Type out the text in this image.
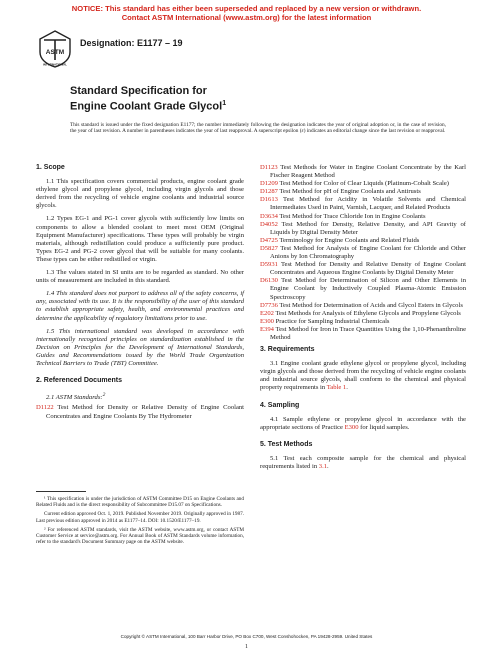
NOTICE: This standard has either been superseded and replaced by a new version or withdrawn.
Contact ASTM International (www.astm.org) for the latest information
ASTM
INTERNATIONAL
Designation: E1177 – 19
Standard Specification for
Engine Coolant Grade Glycol$^1$
This standard is issued under the fixed designation E1177; the number immediately following the designation indicates the year of original adoption or, in the case of revision, the year of last revision. A number in parentheses indicates the year of last reapproval. A superscript epsilon (ε) indicates an editorial change since the last revision or reapproval.
1. Scope

1.1 This specification covers commercial products, engine coolant grade ethylene glycol and propylene glycol, including virgin glycols and those derived from the recycling of vehicle engine coolants and industrial source glycols.

1.2 Types EG-1 and PG-1 cover glycols with sufficiently low limits on components to allow a blended coolant to meet most OEM (Original Equipment Manufacturer) specifications. These types will probably be virgin materials, although redistillation could produce a sufficiently pure product. Types EG-2 and PG-2 cover glycol that will be suitable for many coolants. These types can be either redistilled or virgin.

1.3 The values stated in SI units are to be regarded as standard. No other units of measurement are included in this standard.

1.4 This standard does not purport to address all of the safety concerns, if any, associated with its use. It is the responsibility of the user of this standard to establish appropriate safety, health, and environmental practices and determine the applicability of regulatory limitations prior to use.

1.5 This international standard was developed in accordance with internationally recognized principles on standardization established in the Decision on Principles for the Development of International Standards, Guides and Recommendations issued by the World Trade Organization Technical Barriers to Trade (TBT) Committee.

2. Referenced Documents
2.1 ASTM Standards:$^2$
D1122 Test Method for Density or Relative Density of Engine Coolant Concentrates and Engine Coolants By The Hydrometer

¹ This specification is under the jurisdiction of ASTM Committee D15 on Engine Coolants and Related Fluids and is the direct responsibility of Subcommittee D15.07 on Specifications.

Current edition approved Oct. 1, 2019. Published November 2019. Originally approved in 1987. Last previous edition approved in 2014 as E1177–14. DOI: 10.1520/E1177–19.

² For referenced ASTM standards, visit the ASTM website, www.astm.org, or contact ASTM Customer Service at service@astm.org. For Annual Book of ASTM Standards volume information, refer to the standard's Document Summary page on the ASTM website.

D1123 Test Methods for Water in Engine Coolant Concentrate by the Karl Fischer Reagent Method
D1209 Test Method for Color of Clear Liquids (Platinum-Cobalt Scale)
D1287 Test Method for pH of Engine Coolants and Antirusts
D1613 Test Method for Acidity in Volatile Solvents and Chemical Intermediates Used in Paint, Varnish, Lacquer, and Related Products
D3634 Test Method for Trace Chloride Ion in Engine Coolants
D4052 Test Method for Density, Relative Density, and API Gravity of Liquids by Digital Density Meter
D4725 Terminology for Engine Coolants and Related Fluids
D5827 Test Method for Analysis of Engine Coolant for Chloride and Other Anions by Ion Chromatography
D5931 Test Method for Density and Relative Density of Engine Coolant Concentrates and Aqueous Engine Coolants by Digital Density Meter
D6130 Test Method for Determination of Silicon and Other Elements in Engine Coolant by Inductively Coupled Plasma-Atomic Emission Spectroscopy
D7736 Test Method for Determination of Acids and Glycol Esters in Glycols
E202 Test Methods for Analysis of Ethylene Glycols and Propylene Glycols
E300 Practice for Sampling Industrial Chemicals
E394 Test Method for Iron in Trace Quantities Using the 1,10-Phenanthroline Method
3. Requirements

3.1 Engine coolant grade ethylene glycol or propylene glycol, including virgin glycols and those derived from the recycling of vehicle engine coolants and industrial source glycols, shall conform to the chemical and physical property requirements in Table 1.

4. Sampling

4.1 Sample ethylene or propylene glycol in accordance with the appropriate sections of Practice E300 for liquid samples.

5. Test Methods

5.1 Test each composite sample for the chemical and physical requirements listed in 3.1.

Copyright © ASTM International, 100 Barr Harbor Drive, PO Box C700, West Conshohocken, PA 19428-2959. United States
1
